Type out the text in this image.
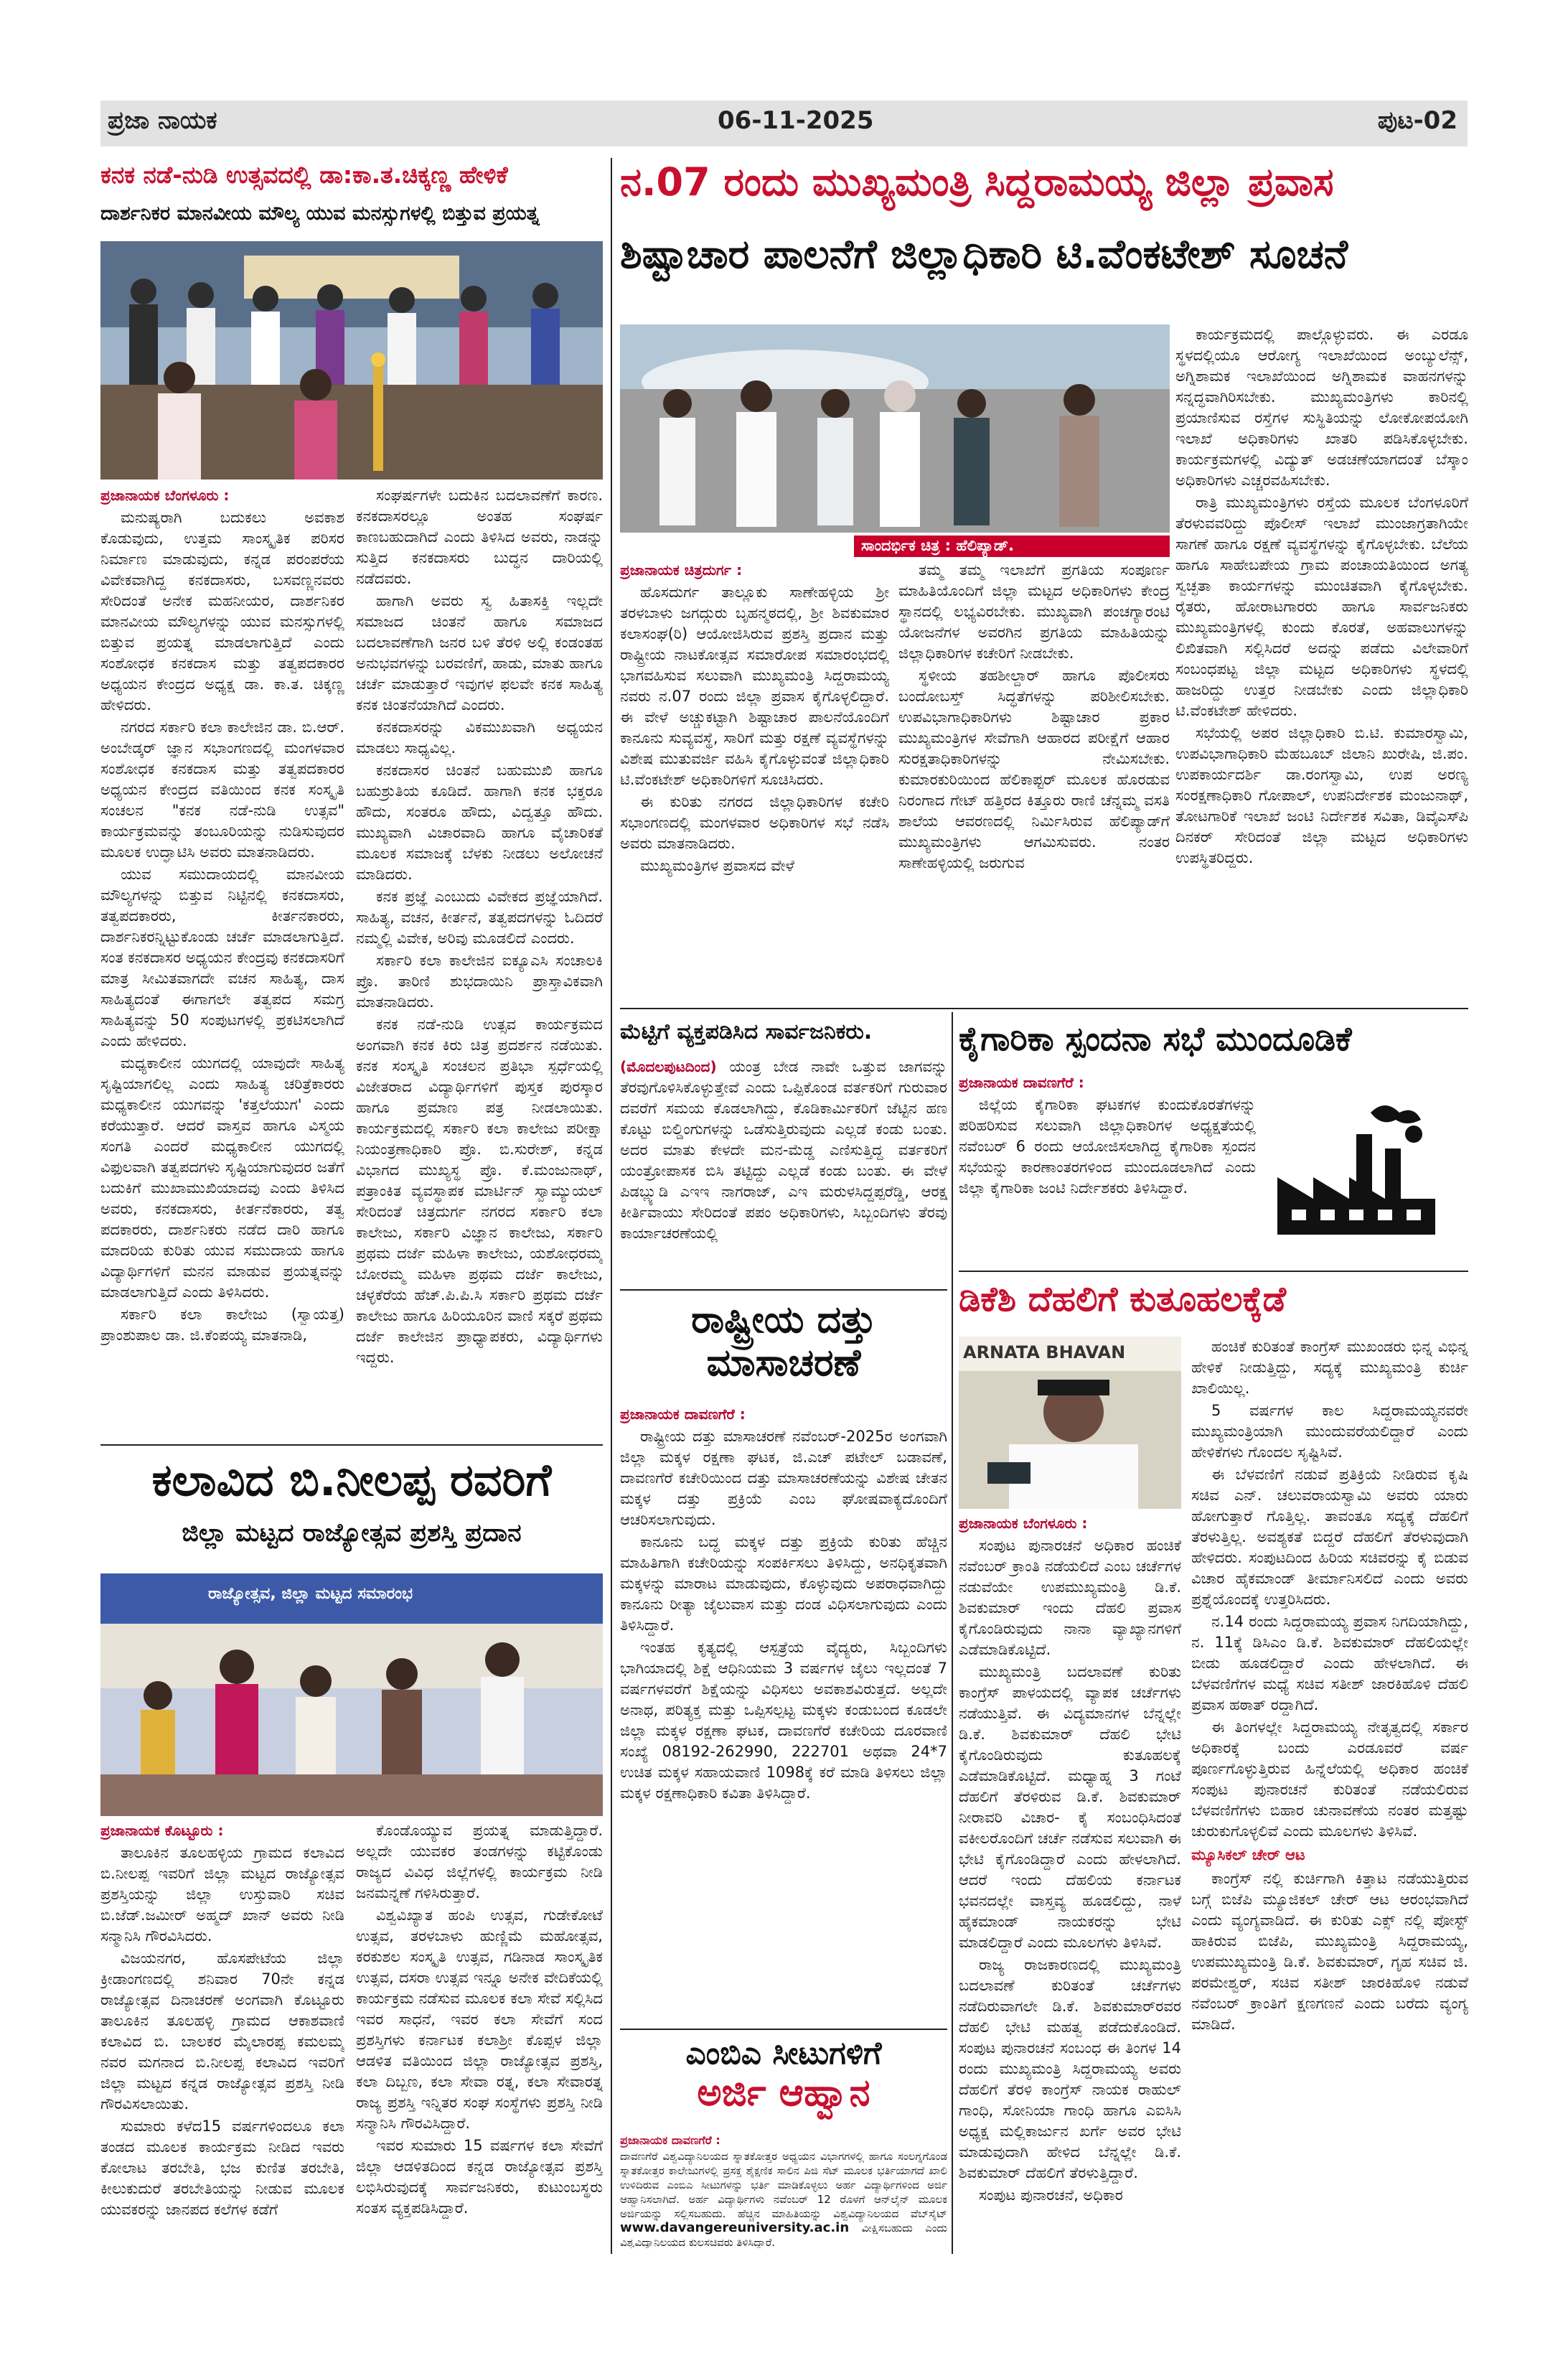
ಪ್ರಜಾ ನಾಯಕ	06-11-2025	ಪುಟ-02
ಕನಕ ನಡೆ-ನುಡಿ ಉತ್ಸವದಲ್ಲಿ ಡಾ:ಕಾ.ತ.ಚಿಕ್ಕಣ್ಣ ಹೇಳಿಕೆ
ದಾರ್ಶನಿಕರ ಮಾನವೀಯ ಮೌಲ್ಯ ಯುವ ಮನಸ್ಸುಗಳಲ್ಲಿ ಬಿತ್ತುವ ಪ್ರಯತ್ನ
ಪ್ರಜಾನಾಯಕ ಬೆಂಗಳೂರು :

ಮನುಷ್ಯರಾಗಿ ಬದುಕಲು ಅವಕಾಶ ಕೊಡುವುದು, ಉತ್ತಮ ಸಾಂಸ್ಕೃತಿಕ ಪರಿಸರ ನಿರ್ಮಾಣ ಮಾಡುವುದು, ಕನ್ನಡ ಪರಂಪರೆಯ ವಿವೇಕವಾಗಿದ್ದ ಕನಕದಾಸರು, ಬಸವಣ್ಣನವರು ಸೇರಿದಂತೆ ಅನೇಕ ಮಹನೀಯರ, ದಾರ್ಶನಿಕರ ಮಾನವೀಯ ಮೌಲ್ಯಗಳನ್ನು ಯುವ ಮನಸ್ಸುಗಳಲ್ಲಿ ಬಿತ್ತುವ ಪ್ರಯತ್ನ ಮಾಡಲಾಗುತ್ತಿದೆ ಎಂದು ಸಂಶೋಧಕ ಕನಕದಾಸ ಮತ್ತು ತತ್ವಪದಕಾರರ ಅಧ್ಯಯನ ಕೇಂದ್ರದ ಅಧ್ಯಕ್ಷ ಡಾ. ಕಾ.ತ. ಚಿಕ್ಕಣ್ಣ ಹೇಳಿದರು.

ನಗರದ ಸರ್ಕಾರಿ ಕಲಾ ಕಾಲೇಜಿನ ಡಾ. ಬಿ.ಆರ್. ಅಂಬೇಡ್ಕರ್ ಜ್ಞಾನ ಸಭಾಂಗಣದಲ್ಲಿ ಮಂಗಳವಾರ ಸಂಶೋಧಕ ಕನಕದಾಸ ಮತ್ತು ತತ್ವಪದಕಾರರ ಅಧ್ಯಯನ ಕೇಂದ್ರದ ವತಿಯಿಂದ ಕನಕ ಸಂಸ್ಕೃತಿ ಸಂಚಲನ "ಕನಕ ನಡೆ-ನುಡಿ ಉತ್ಸವ" ಕಾರ್ಯಕ್ರಮವನ್ನು ತಂಬೂರಿಯನ್ನು ನುಡಿಸುವುದರ ಮೂಲಕ ಉದ್ಘಾಟಿಸಿ ಅವರು ಮಾತನಾಡಿದರು.

ಯುವ ಸಮುದಾಯದಲ್ಲಿ ಮಾನವೀಯ ಮೌಲ್ಯಗಳನ್ನು ಬಿತ್ತುವ ನಿಟ್ಟಿನಲ್ಲಿ ಕನಕದಾಸರು, ತತ್ವಪದಕಾರರು, ಕೀರ್ತನಕಾರರು, ದಾರ್ಶನಿಕರನ್ನಿಟ್ಟುಕೊಂಡು ಚರ್ಚೆ ಮಾಡಲಾಗುತ್ತಿದೆ. ಸಂತ ಕನಕದಾಸರ ಅಧ್ಯಯನ ಕೇಂದ್ರವು ಕನಕದಾಸರಿಗೆ ಮಾತ್ರ ಸೀಮಿತವಾಗದೇ ವಚನ ಸಾಹಿತ್ಯ, ದಾಸ ಸಾಹಿತ್ಯದಂತೆ ಈಗಾಗಲೇ ತತ್ವಪದ ಸಮಗ್ರ ಸಾಹಿತ್ಯವನ್ನು 50 ಸಂಪುಟಗಳಲ್ಲಿ ಪ್ರಕಟಿಸಲಾಗಿದೆ ಎಂದು ಹೇಳಿದರು.

ಮಧ್ಯಕಾಲೀನ ಯುಗದಲ್ಲಿ ಯಾವುದೇ ಸಾಹಿತ್ಯ ಸೃಷ್ಟಿಯಾಗಲಿಲ್ಲ ಎಂದು ಸಾಹಿತ್ಯ ಚರಿತ್ರೆಕಾರರು ಮಧ್ಯಕಾಲೀನ ಯುಗವನ್ನು 'ಕತ್ತಲೆಯುಗ' ಎಂದು ಕರೆಯುತ್ತಾರೆ. ಆದರೆ ವಾಸ್ತವ ಹಾಗೂ ವಿಸ್ಮಯ ಸಂಗತಿ ಎಂದರೆ ಮಧ್ಯಕಾಲೀನ ಯುಗದಲ್ಲಿ ವಿಫುಲವಾಗಿ ತತ್ವಪದಗಳು ಸೃಷ್ಟಿಯಾಗುವುದರ ಜತೆಗೆ ಬದುಕಿಗೆ ಮುಖಾಮುಖಿಯಾದವು ಎಂದು ತಿಳಿಸಿದ ಅವರು, ಕನಕದಾಸರು, ಕೀರ್ತನೆಕಾರರು, ತತ್ವ ಪದಕಾರರು, ದಾರ್ಶನಿಕರು ನಡೆದ ದಾರಿ ಹಾಗೂ ಮಾದರಿಯ ಕುರಿತು ಯುವ ಸಮುದಾಯ ಹಾಗೂ ವಿದ್ಯಾರ್ಥಿಗಳಿಗೆ ಮನನ ಮಾಡುವ ಪ್ರಯತ್ನವನ್ನು ಮಾಡಲಾಗುತ್ತಿದೆ ಎಂದು ತಿಳಿಸಿದರು.

ಸರ್ಕಾರಿ ಕಲಾ ಕಾಲೇಜು (ಸ್ವಾಯತ್ತ) ಪ್ರಾಂಶುಪಾಲ ಡಾ. ಜಿ.ಕೆಂಪಯ್ಯ ಮಾತನಾಡಿ,

ಸಂಘರ್ಷಗಳೇ ಬದುಕಿನ ಬದಲಾವಣೆಗೆ ಕಾರಣ. ಕನಕದಾಸರಲ್ಲೂ ಅಂತಹ ಸಂಘರ್ಷ ಕಾಣಬಹುದಾಗಿದೆ ಎಂದು ತಿಳಿಸಿದ ಅವರು, ನಾಡನ್ನು ಸುತ್ತಿದ ಕನಕದಾಸರು ಬುದ್ಧನ ದಾರಿಯಲ್ಲಿ ನಡೆದವರು.

ಹಾಗಾಗಿ ಅವರು ಸ್ವ ಹಿತಾಸಕ್ತಿ ಇಲ್ಲದೇ ಸಮಾಜದ ಚಿಂತನೆ ಹಾಗೂ ಸಮಾಜದ ಬದಲಾವಣೆಗಾಗಿ ಜನರ ಬಳಿ ತೆರಳಿ ಅಲ್ಲಿ ಕಂಡಂತಹ ಅನುಭವಗಳನ್ನು ಬರವಣಿಗೆ, ಹಾಡು, ಮಾತು ಹಾಗೂ ಚರ್ಚೆ ಮಾಡುತ್ತಾರೆ ಇವುಗಳ ಫಲವೇ ಕನಕ ಸಾಹಿತ್ಯ ಕನಕ ಚಿಂತನೆಯಾಗಿದೆ ಎಂದರು.

ಕನಕದಾಸರನ್ನು ವಿಕಮುಖವಾಗಿ ಅಧ್ಯಯನ ಮಾಡಲು ಸಾಧ್ಯವಿಲ್ಲ.

ಕನಕದಾಸರ ಚಿಂತನೆ ಬಹುಮುಖಿ ಹಾಗೂ ಬಹುಶ್ರುತಿಯ ಕೂಡಿದೆ. ಹಾಗಾಗಿ ಕನಕ ಭಕ್ತರೂ ಹೌದು, ಸಂತರೂ ಹೌದು, ವಿದ್ವತ್ತೂ ಹೌದು. ಮುಖ್ಯವಾಗಿ ವಿಚಾರವಾದಿ ಹಾಗೂ ವೈಚಾರಿಕತೆ ಮೂಲಕ ಸಮಾಜಕ್ಕೆ ಬೆಳಕು ನೀಡಲು ಅಲೋಚನೆ ಮಾಡಿದರು.

ಕನಕ ಪ್ರಜ್ಞೆ ಎಂಬುದು ವಿವೇಕದ ಪ್ರಜ್ಞೆಯಾಗಿದೆ. ಸಾಹಿತ್ಯ, ವಚನ, ಕೀರ್ತನೆ, ತತ್ವಪದಗಳನ್ನು ಓದಿದರೆ ನಮ್ಮಲ್ಲಿ ವಿವೇಕ, ಅರಿವು ಮೂಡಲಿದೆ ಎಂದರು.

ಸರ್ಕಾರಿ ಕಲಾ ಕಾಲೇಜಿನ ಐಕ್ಯೂಎಸಿ ಸಂಚಾಲಕಿ ಪ್ರೊ. ತಾರಿಣಿ ಶುಭದಾಯಿನಿ ಪ್ರಾಸ್ತಾವಿಕವಾಗಿ ಮಾತನಾಡಿದರು.

ಕನಕ ನಡೆ-ನುಡಿ ಉತ್ಸವ ಕಾರ್ಯಕ್ರಮದ ಅಂಗವಾಗಿ ಕನಕ ಕಿರು ಚಿತ್ರ ಪ್ರದರ್ಶನ ನಡೆಯಿತು. ಕನಕ ಸಂಸ್ಕೃತಿ ಸಂಚಲನ ಪ್ರತಿಭಾ ಸ್ಪರ್ಧೆಯಲ್ಲಿ ವಿಜೇತರಾದ ವಿದ್ಯಾರ್ಥಿಗಳಿಗೆ ಪುಸ್ತಕ ಪುರಸ್ಕಾರ ಹಾಗೂ ಪ್ರಮಾಣ ಪತ್ರ ನೀಡಲಾಯಿತು. ಕಾರ್ಯಕ್ರಮದಲ್ಲಿ ಸರ್ಕಾರಿ ಕಲಾ ಕಾಲೇಜು ಪರೀಕ್ಷಾ ನಿಯಂತ್ರಣಾಧಿಕಾರಿ ಪ್ರೊ. ಬಿ.ಸುರೇಶ್, ಕನ್ನಡ ವಿಭಾಗದ ಮುಖ್ಯಸ್ಥ ಪ್ರೊ. ಕೆ.ಮಂಜುನಾಥ್, ಪತ್ರಾಂಕಿತ ವ್ಯವಸ್ಥಾಪಕ ಮಾರ್ಟಿನ್ ಸ್ವಾಮ್ಯುಯಲ್ ಸೇರಿದಂತೆ ಚಿತ್ರದುರ್ಗ ನಗರದ ಸರ್ಕಾರಿ ಕಲಾ ಕಾಲೇಜು, ಸರ್ಕಾರಿ ವಿಜ್ಞಾನ ಕಾಲೇಜು, ಸರ್ಕಾರಿ ಪ್ರಥಮ ದರ್ಜೆ ಮಹಿಳಾ ಕಾಲೇಜು, ಯಶೋಧರಮ್ಮ ಬೋರಮ್ಮ ಮಹಿಳಾ ಪ್ರಥಮ ದರ್ಜೆ ಕಾಲೇಜು, ಚಳ್ಳಕೆರೆಯ ಹೆಚ್.ಪಿ.ಪಿ.ಸಿ ಸರ್ಕಾರಿ ಪ್ರಥಮ ದರ್ಜೆ ಕಾಲೇಜು ಹಾಗೂ ಹಿರಿಯೂರಿನ ವಾಣಿ ಸಕ್ಕರೆ ಪ್ರಥಮ ದರ್ಜೆ ಕಾಲೇಜಿನ ಪ್ರಾಧ್ಯಾಪಕರು, ವಿದ್ಯಾರ್ಥಿಗಳು ಇದ್ದರು.

ಕಲಾವಿದ ಬಿ.ನೀಲಪ್ಪ ರವರಿಗೆ
ಜಿಲ್ಲಾ ಮಟ್ಟದ ರಾಜ್ಯೋತ್ಸವ ಪ್ರಶಸ್ತಿ ಪ್ರದಾನ
ರಾಜ್ಯೋತ್ಸವ, ಜಿಲ್ಲಾ ಮಟ್ಟದ ಸಮಾರಂಭ
ಪ್ರಜಾನಾಯಕ ಕೊಟ್ಟೂರು :

ತಾಲೂಕಿನ ತೂಲಹಳ್ಳಿಯ ಗ್ರಾಮದ ಕಲಾವಿದ ಬಿ.ನೀಲಪ್ಪ ಇವರಿಗೆ ಜಿಲ್ಲಾ ಮಟ್ಟದ ರಾಜ್ಯೋತ್ಸವ ಪ್ರಶಸ್ತಿಯನ್ನು ಜಿಲ್ಲಾ ಉಸ್ತುವಾರಿ ಸಚಿವ ಬಿ.ಜೆಡ್.ಜಮೀರ್ ಅಹ್ಮದ್ ಖಾನ್ ಅವರು ನೀಡಿ ಸನ್ಮಾನಿಸಿ ಗೌರವಿಸಿದರು.

ವಿಜಯನಗರ, ಹೊಸಪೇಟೆಯ ಜಿಲ್ಲಾ ಕ್ರೀಡಾಂಗಣದಲ್ಲಿ ಶನಿವಾರ 70ನೇ ಕನ್ನಡ ರಾಜ್ಯೋತ್ಸವ ದಿನಾಚರಣೆ ಅಂಗವಾಗಿ ಕೊಟ್ಟೂರು ತಾಲೂಕಿನ ತೂಲಹಳ್ಳಿ ಗ್ರಾಮದ ಆಕಾಶವಾಣಿ ಕಲಾವಿದ ಬಿ. ಬಾಲಕರ ಮೈಲಾರಪ್ಪ ಕಮಲಮ್ಮ ನವರ ಮಗನಾದ ಬಿ.ನೀಲಪ್ಪ ಕಲಾವಿದ ಇವರಿಗೆ ಜಿಲ್ಲಾ ಮಟ್ಟದ ಕನ್ನಡ ರಾಜ್ಯೋತ್ಸವ ಪ್ರಶಸ್ತಿ ನೀಡಿ ಗೌರವಿಸಲಾಯಿತು.

ಸುಮಾರು ಕಳೆದ15 ವರ್ಷಗಳಿಂದಲೂ ಕಲಾ ತಂಡದ ಮೂಲಕ ಕಾರ್ಯಕ್ರಮ ನೀಡಿದ ಇವರು ಕೋಲಾಟ ತರಬೇತಿ, ಭಜ ಕುಣಿತ ತರಬೇತಿ, ಕೀಲುಕುದುರೆ ತರಬೇತಿಯನ್ನು ನೀಡುವ ಮೂಲಕ ಯುವಕರನ್ನು ಜಾನಪದ ಕಲೆಗಳ ಕಡೆಗೆ

ಕೊಂಡೊಯ್ಯುವ ಪ್ರಯತ್ನ ಮಾಡುತ್ತಿದ್ದಾರೆ. ಅಲ್ಲದೇ ಯುವಕರ ತಂಡಗಳನ್ನು ಕಟ್ಟಿಕೊಂಡು ರಾಜ್ಯದ ವಿವಿಧ ಜಿಲ್ಲೆಗಳಲ್ಲಿ ಕಾರ್ಯಕ್ರಮ ನೀಡಿ ಜನಮನ್ನಣೆ ಗಳಿಸಿರುತ್ತಾರೆ.

ವಿಶ್ವವಿಖ್ಯಾತ ಹಂಪಿ ಉತ್ಸವ, ಗುಡೇಕೋಟೆ ಉತ್ಸವ, ತರಳಬಾಳು ಹುಣ್ಣಿಮೆ ಮಹೋತ್ಸವ, ಕರಕುಶಲ ಸಂಸ್ಕೃತಿ ಉತ್ಸವ, ಗಡಿನಾಡ ಸಾಂಸ್ಕೃತಿಕ ಉತ್ಸವ, ದಸರಾ ಉತ್ಸವ ಇನ್ನೂ ಅನೇಕ ವೇದಿಕೆಯಲ್ಲಿ ಕಾರ್ಯಕ್ರಮ ನಡೆಸುವ ಮೂಲಕ ಕಲಾ ಸೇವೆ ಸಲ್ಲಿಸಿದ ಇವರ ಸಾಧನೆ, ಇವರ ಕಲಾ ಸೇವೆಗೆ ಸಂದ ಪ್ರಶಸ್ತಿಗಳು ಕರ್ನಾಟಕ ಕಲಾಶ್ರೀ ಕೊಪ್ಪಳ ಜಿಲ್ಲಾ ಆಡಳಿತ ವತಿಯಿಂದ ಜಿಲ್ಲಾ ರಾಜ್ಯೋತ್ಸವ ಪ್ರಶಸ್ತಿ, ಕಲಾ ದಿಬ್ಬಣ, ಕಲಾ ಸೇವಾ ರತ್ನ, ಕಲಾ ಸೇವಾರತ್ನ ರಾಜ್ಯ ಪ್ರಶಸ್ತಿ ಇನ್ನಿತರ ಸಂಘ ಸಂಸ್ಥೆಗಳು ಪ್ರಶಸ್ತಿ ನೀಡಿ ಸನ್ಮಾನಿಸಿ ಗೌರವಿಸಿದ್ದಾರೆ.

ಇವರ ಸುಮಾರು 15 ವರ್ಷಗಳ ಕಲಾ ಸೇವೆಗೆ ಜಿಲ್ಲಾ ಆಡಳಿತದಿಂದ ಕನ್ನಡ ರಾಜ್ಯೋತ್ಸವ ಪ್ರಶಸ್ತಿ ಲಭಿಸಿರುವುದಕ್ಕೆ ಸಾರ್ವಜನಿಕರು, ಕುಟುಂಬಸ್ಥರು ಸಂತಸ ವ್ಯಕ್ತಪಡಿಸಿದ್ದಾರೆ.

ನ.07 ರಂದು ಮುಖ್ಯಮಂತ್ರಿ ಸಿದ್ದರಾಮಯ್ಯ ಜಿಲ್ಲಾ ಪ್ರವಾಸ
ಶಿಷ್ಟಾಚಾರ ಪಾಲನೆಗೆ ಜಿಲ್ಲಾಧಿಕಾರಿ ಟಿ.ವೆಂಕಟೇಶ್ ಸೂಚನೆ
ಸಾಂದರ್ಭಿಕ ಚಿತ್ರ : ಹೆಲಿಪ್ಯಾಡ್.

ಕಾರ್ಯಕ್ರಮದಲ್ಲಿ ಪಾಲ್ಗೊಳ್ಳುವರು. ಈ ಎರಡೂ ಸ್ಥಳದಲ್ಲಿಯೂ ಆರೋಗ್ಯ ಇಲಾಖೆಯಿಂದ ಅಂಬ್ಯುಲೆನ್ಸ್, ಅಗ್ನಿಶಾಮಕ ಇಲಾಖೆಯಿಂದ ಅಗ್ನಿಶಾಮಕ ವಾಹನಗಳನ್ನು ಸನ್ನದ್ಧವಾಗಿರಿಸಬೇಕು. ಮುಖ್ಯಮಂತ್ರಿಗಳು ಕಾರಿನಲ್ಲಿ ಪ್ರಯಾಣಿಸುವ ರಸ್ತೆಗಳ ಸುಸ್ಥಿತಿಯನ್ನು ಲೋಕೋಪಯೋಗಿ ಇಲಾಖೆ ಅಧಿಕಾರಿಗಳು ಖಾತರಿ ಪಡಿಸಿಕೊಳ್ಳಬೇಕು. ಕಾರ್ಯಕ್ರಮಗಳಲ್ಲಿ ವಿದ್ಯುತ್ ಅಡಚಣೆಯಾಗದಂತೆ ಬೆಸ್ಕಾಂ ಅಧಿಕಾರಿಗಳು ಎಚ್ಚರವಹಿಸಬೇಕು.

ರಾತ್ರಿ ಮುಖ್ಯಮಂತ್ರಿಗಳು ರಸ್ತೆಯ ಮೂಲಕ ಬೆಂಗಳೂರಿಗೆ ತೆರಳುವವರಿದ್ದು ಪೊಲೀಸ್ ಇಲಾಖೆ ಮುಂಜಾಗ್ರತಾಗಿಯೇ ಸಾಗಣೆ ಹಾಗೂ ರಕ್ಷಣೆ ವ್ಯವಸ್ಥೆಗಳನ್ನು ಕೈಗೊಳ್ಳಬೇಕು. ಬೆಲೆಯ ಹಾಗೂ ಸಾಹೇಬಪೇಯ ಗ್ರಾಮ ಪಂಚಾಯತಿಯಿಂದ ಅಗತ್ಯ ಸ್ವಚ್ಛತಾ ಕಾರ್ಯಗಳನ್ನು ಮುಂಚಿತವಾಗಿ ಕೈಗೊಳ್ಳಬೇಕು. ರೈತರು, ಹೋರಾಟಗಾರರು ಹಾಗೂ ಸಾರ್ವಜನಿಕರು ಮುಖ್ಯಮಂತ್ರಿಗಳಲ್ಲಿ ಕುಂದು ಕೊರತೆ, ಅಹವಾಲುಗಳನ್ನು ಲಿಖಿತವಾಗಿ ಸಲ್ಲಿಸಿದರೆ ಅದನ್ನು ಪಡೆದು ವಿಲೇವಾರಿಗೆ ಸಂಬಂಧಪಟ್ಟ ಜಿಲ್ಲಾ ಮಟ್ಟದ ಅಧಿಕಾರಿಗಳು ಸ್ಥಳದಲ್ಲಿ ಹಾಜರಿದ್ದು ಉತ್ತರ ನೀಡಬೇಕು ಎಂದು ಜಿಲ್ಲಾಧಿಕಾರಿ ಟಿ.ವೆಂಕಟೇಶ್ ಹೇಳಿದರು.

ಸಭೆಯಲ್ಲಿ ಅಪರ ಜಿಲ್ಲಾಧಿಕಾರಿ ಬಿ.ಟಿ. ಕುಮಾರಸ್ವಾಮಿ, ಉಪವಿಭಾಗಾಧಿಕಾರಿ ಮೆಹಬೂಬ್ ಜಿಲಾನಿ ಖುರೇಷಿ, ಜಿ.ಪಂ. ಉಪಕಾರ್ಯದರ್ಶಿ ಡಾ.ರಂಗಸ್ವಾಮಿ, ಉಪ ಅರಣ್ಯ ಸಂರಕ್ಷಣಾಧಿಕಾರಿ ಗೋಪಾಲ್, ಉಪನಿರ್ದೇಶಕ ಮಂಜುನಾಥ್, ತೋಟಗಾರಿಕೆ ಇಲಾಖೆ ಜಂಟಿ ನಿರ್ದೇಶಕ ಸವಿತಾ, ಡಿವೈಎಸ್‍ಪಿ ದಿನಕರ್ ಸೇರಿದಂತೆ ಜಿಲ್ಲಾ ಮಟ್ಟದ ಅಧಿಕಾರಿಗಳು ಉಪಸ್ಥಿತರಿದ್ದರು.

ಪ್ರಜಾನಾಯಕ ಚಿತ್ರದುರ್ಗ :

ಹೊಸದುರ್ಗ ತಾಲ್ಲೂಕು ಸಾಣೇಹಳ್ಳಿಯ ಶ್ರೀ ತರಳಬಾಳು ಜಗದ್ಗುರು ಬೃಹನ್ಮಠದಲ್ಲಿ, ಶ್ರೀ ಶಿವಕುಮಾರ ಕಲಾಸಂಘ(ರಿ) ಆಯೋಜಿಸಿರುವ ಪ್ರಶಸ್ತಿ ಪ್ರದಾನ ಮತ್ತು ರಾಷ್ಟ್ರೀಯ ನಾಟಕೋತ್ಸವ ಸಮಾರೋಪ ಸಮಾರಂಭದಲ್ಲಿ ಭಾಗವಹಿಸುವ ಸಲುವಾಗಿ ಮುಖ್ಯಮಂತ್ರಿ ಸಿದ್ದರಾಮಯ್ಯ ನವರು ನ.07 ರಂದು ಜಿಲ್ಲಾ ಪ್ರವಾಸ ಕೈಗೊಳ್ಳಲಿದ್ದಾರೆ. ಈ ವೇಳೆ ಅಚ್ಚುಕಟ್ಟಾಗಿ ಶಿಷ್ಟಾಚಾರ ಪಾಲನೆಯೊಂದಿಗೆ ಕಾನೂನು ಸುವ್ಯವಸ್ಥೆ, ಸಾರಿಗೆ ಮತ್ತು ರಕ್ಷಣೆ ವ್ಯವಸ್ಥೆಗಳನ್ನು ವಿಶೇಷ ಮುತುವರ್ಜಿ ವಹಿಸಿ ಕೈಗೊಳ್ಳುವಂತೆ ಜಿಲ್ಲಾಧಿಕಾರಿ ಟಿ.ವೆಂಕಟೇಶ್ ಅಧಿಕಾರಿಗಳಿಗೆ ಸೂಚಿಸಿದರು.

ಈ ಕುರಿತು ನಗರದ ಜಿಲ್ಲಾಧಿಕಾರಿಗಳ ಕಚೇರಿ ಸಭಾಂಗಣದಲ್ಲಿ ಮಂಗಳವಾರ ಅಧಿಕಾರಿಗಳ ಸಭೆ ನಡೆಸಿ ಅವರು ಮಾತನಾಡಿದರು.

ಮುಖ್ಯಮಂತ್ರಿಗಳ ಪ್ರವಾಸದ ವೇಳೆ

ತಮ್ಮ ತಮ್ಮ ಇಲಾಖೆಗೆ ಪ್ರಗತಿಯ ಸಂಪೂರ್ಣ ಮಾಹಿತಿಯೊಂದಿಗೆ ಜಿಲ್ಲಾ ಮಟ್ಟದ ಅಧಿಕಾರಿಗಳು ಕೇಂದ್ರ ಸ್ಥಾನದಲ್ಲಿ ಲಭ್ಯವಿರಬೇಕು. ಮುಖ್ಯವಾಗಿ ಪಂಚಗ್ಯಾರಂಟಿ ಯೋಜನೆಗಳ ಅವರಗಿನ ಪ್ರಗತಿಯ ಮಾಹಿತಿಯನ್ನು ಜಿಲ್ಲಾಧಿಕಾರಿಗಳ ಕಚೇರಿಗೆ ನೀಡಬೇಕು.

ಸ್ಥಳೀಯ ತಹಶೀಲ್ದಾರ್ ಹಾಗೂ ಪೊಲೀಸರು ಬಂದೋಬಸ್ತ್ ಸಿದ್ಧತೆಗಳನ್ನು ಪರಿಶೀಲಿಸಬೇಕು. ಉಪವಿಭಾಗಾಧಿಕಾರಿಗಳು ಶಿಷ್ಟಾಚಾರ ಪ್ರಕಾರ ಮುಖ್ಯಮಂತ್ರಿಗಳ ಸೇವೆಗಾಗಿ ಆಹಾರದ ಪರೀಕ್ಷೆಗೆ ಆಹಾರ ಸುರಕ್ಷತಾಧಿಕಾರಿಗಳನ್ನು ನೇಮಿಸಬೇಕು. ಕುಮಾರಕುರಿಯಿಂದ ಹೆಲಿಕಾಪ್ಟರ್ ಮೂಲಕ ಹೊರಡುವ ನಿರಂಗಾದ ಗೇಟ್ ಹತ್ತಿರದ ಕಿತ್ತೂರು ರಾಣಿ ಚೆನ್ನಮ್ಮ ವಸತಿ ಶಾಲೆಯ ಆವರಣದಲ್ಲಿ ನಿರ್ಮಿಸಿರುವ ಹೆಲಿಪ್ಯಾಡ್‍ಗೆ ಮುಖ್ಯಮಂತ್ರಿಗಳು ಆಗಮಿಸುವರು. ನಂತರ ಸಾಣೇಹಳ್ಳಿಯಲ್ಲಿ ಜರುಗುವ

ಮೆಟ್ಟಿಗೆ ವ್ಯಕ್ತಪಡಿಸಿದ ಸಾರ್ವಜನಿಕರು.
(ಮೊದಲಪುಟದಿಂದ) ಯಂತ್ರ ಬೇಡ ನಾವೇ ಒತ್ತುವ ಜಾಗವನ್ನು ತೆರವುಗೊಳಿಸಿಕೊಳ್ಳುತ್ತೇವೆ ಎಂದು ಒಪ್ಪಿಕೊಂಡ ವರ್ತಕರಿಗೆ ಗುರುವಾರ ದವರೆಗೆ ಸಮಯ ಕೊಡಲಾಗಿದ್ದು, ಕೊಡಿಕಾರ್ಮಿಕರಿಗೆ ಜೆಟ್ಟಿನ ಹಣ ಕೊಟ್ಟು ಬಿಲ್ಡಿಂಗುಗಳನ್ನು ಒಡೆಸುತ್ತಿರುವುದು ಎಲ್ಲಡೆ ಕಂಡು ಬಂತು. ಅದರ ಮಾತು ಕೇಳದೇ ಮನ-ಮೆಡ್ಡ ಎಣಿಸುತ್ತಿದ್ದ ವರ್ತಕರಿಗೆ ಯಂತ್ರೋಪಾಸಕ ಬಿಸಿ ತಟ್ಟಿದ್ದು ಎಲ್ಲಡೆ ಕಂಡು ಬಂತು. ಈ ವೇಳೆ ಪಿಡಬ್ಲ್ಯುಡಿ ಎಇಇ ನಾಗರಾಜ್, ಎಇ ಮರುಳಸಿದ್ದಪ್ಪರೆಡ್ಡಿ, ಆರಕ್ಷ ಕೀರ್ತಿವಾಯು ಸೇರಿದಂತೆ ಪಪಂ ಅಧಿಕಾರಿಗಳು, ಸಿಬ್ಬಂದಿಗಳು ತೆರವು ಕಾರ್ಯಾಚರಣೆಯಲ್ಲಿ
ಕೈಗಾರಿಕಾ ಸ್ಪಂದನಾ ಸಭೆ ಮುಂದೂಡಿಕೆ
ಪ್ರಜಾನಾಯಕ ದಾವಣಗೆರೆ :

ಜಿಲ್ಲೆಯ ಕೈಗಾರಿಕಾ ಘಟಕಗಳ ಕುಂದುಕೊರತೆಗಳನ್ನು ಪರಿಹರಿಸುವ ಸಲುವಾಗಿ ಜಿಲ್ಲಾಧಿಕಾರಿಗಳ ಅಧ್ಯಕ್ಷತೆಯಲ್ಲಿ ನವೆಂಬರ್ 6 ರಂದು ಆಯೋಜಿಸಲಾಗಿದ್ದ ಕೈಗಾರಿಕಾ ಸ್ಪಂದನ ಸಭೆಯನ್ನು ಕಾರಣಾಂತರಗಳಿಂದ ಮುಂದೂಡಲಾಗಿದೆ ಎಂದು ಜಿಲ್ಲಾ ಕೈಗಾರಿಕಾ ಜಂಟಿ ನಿರ್ದೇಶಕರು ತಿಳಿಸಿದ್ದಾರೆ.

ರಾಷ್ಟ್ರೀಯ ದತ್ತು
ಮಾಸಾಚರಣೆ
ಪ್ರಜಾನಾಯಕ ದಾವಣಗೆರೆ :

ರಾಷ್ಟ್ರೀಯ ದತ್ತು ಮಾಸಾಚರಣೆ ನವೆಂಬರ್-2025ರ ಅಂಗವಾಗಿ ಜಿಲ್ಲಾ ಮಕ್ಕಳ ರಕ್ಷಣಾ ಘಟಕ, ಜಿ.ಎಚ್ ಪಟೇಲ್ ಬಡಾವಣೆ, ದಾವಣಗೆರೆ ಕಚೇರಿಯಿಂದ ದತ್ತು ಮಾಸಾಚರಣೆಯನ್ನು ವಿಶೇಷ ಚೇತನ ಮಕ್ಕಳ ದತ್ತು ಪ್ರಕ್ರಿಯೆ ಎಂಬ ಘೋಷವಾಕ್ಯದೊಂದಿಗೆ ಆಚರಿಸಲಾಗುವುದು.

ಕಾನೂನು ಬದ್ಧ ಮಕ್ಕಳ ದತ್ತು ಪ್ರಕ್ರಿಯೆ ಕುರಿತು ಹೆಚ್ಚಿನ ಮಾಹಿತಿಗಾಗಿ ಕಚೇರಿಯನ್ನು ಸಂಪರ್ಕಿಸಲು ತಿಳಿಸಿದ್ದು, ಅನಧಿಕೃತವಾಗಿ ಮಕ್ಕಳನ್ನು ಮಾರಾಟ ಮಾಡುವುದು, ಕೊಳ್ಳುವುದು ಅಪರಾಧವಾಗಿದ್ದು ಕಾನೂನು ರೀತ್ಯಾ ಜೈಲುವಾಸ ಮತ್ತು ದಂಡ ವಿಧಿಸಲಾಗುವುದು ಎಂದು ತಿಳಿಸಿದ್ದಾರೆ.

ಇಂತಹ ಕೃತ್ಯದಲ್ಲಿ ಆಸ್ಪತ್ರೆಯ ವೈದ್ಯರು, ಸಿಬ್ಬಂದಿಗಳು ಭಾಗಿಯಾದಲ್ಲಿ ಶಿಕ್ಷೆ ಆಧಿನಿಯಮ 3 ವರ್ಷಗಳ ಜೈಲು ಇಲ್ಲದಂತೆ 7 ವರ್ಷಗಳವರೆಗೆ ಶಿಕ್ಷೆಯನ್ನು ವಿಧಿಸಲು ಅವಕಾಶವಿರುತ್ತದೆ. ಅಲ್ಲದೇ ಅನಾಥ, ಪರಿತ್ಯಕ್ತ ಮತ್ತು ಒಪ್ಪಿಸಲ್ಪಟ್ಟ ಮಕ್ಕಳು ಕಂಡುಬಂದ ಕೂಡಲೇ ಜಿಲ್ಲಾ ಮಕ್ಕಳ ರಕ್ಷಣಾ ಘಟಕ, ದಾವಣಗೆರೆ ಕಚೇರಿಯ ದೂರವಾಣಿ ಸಂಖ್ಯೆ 08192-262990, 222701 ಅಥವಾ 24*7 ಉಚಿತ ಮಕ್ಕಳ ಸಹಾಯವಾಣಿ 1098ಕ್ಕೆ ಕರೆ ಮಾಡಿ ತಿಳಿಸಲು ಜಿಲ್ಲಾ ಮಕ್ಕಳ ರಕ್ಷಣಾಧಿಕಾರಿ ಕವಿತಾ ತಿಳಿಸಿದ್ದಾರೆ.

ಎಂಬಿಎ ಸೀಟುಗಳಿಗೆ
ಅರ್ಜಿ ಆಹ್ವಾನ
ಪ್ರಜಾನಾಯಕ ದಾವಣಗೆರೆ :
ದಾವಣಗೆರೆ ವಿಶ್ವವಿದ್ಯಾನಿಲಯದ ಸ್ನಾತಕೋತ್ತರ ಅಧ್ಯಯನ ವಿಭಾಗಗಳಲ್ಲಿ ಹಾಗೂ ಸಂಲಗ್ನಗೊಂಡ ಸ್ನಾತಕೋತ್ತರ ಕಾಲೇಜುಗಳಲ್ಲಿ ಪ್ರಸಕ್ತ ಶೈಕ್ಷಣಿಕ ಸಾಲಿನ ಪಿಜಿ ಸೆಟ್ ಮೂಲಕ ಭರ್ತಿಯಾಗದೆ ಖಾಲಿ ಉಳಿದಿರುವ ಎಂಬಿಎ ಸೀಟುಗಳನ್ನು ಭರ್ತಿ ಮಾಡಿಕೊಳ್ಳಲು ಅರ್ಹ ವಿದ್ಯಾರ್ಥಿಗಳಿಂದ ಅರ್ಜಿ ಆಹ್ವಾನಿಸಲಾಗಿದೆ. ಅರ್ಹ ವಿದ್ಯಾರ್ಥಿಗಳು ನವೆಂಬರ್ 12 ರೊಳಗೆ ಆನ್‌ಲೈನ್ ಮೂಲಕ ಅರ್ಜಿಯನ್ನು ಸಲ್ಲಿಸಬಹುದು. ಹೆಚ್ಚಿನ ಮಾಹಿತಿಯನ್ನು ವಿಶ್ವವಿದ್ಯಾನಿಲಯದ ವೆಬ್‌ಸೈಟ್ www.davangereuniversity.ac.in ವೀಕ್ಷಿಸಬಹುದು ಎಂದು ವಿಶ್ವವಿದ್ಯಾನಿಲಯದ ಕುಲಸಚಿವರು ತಿಳಿಸಿದ್ದಾರೆ.
ಡಿಕೆಶಿ ದೆಹಲಿಗೆ ಕುತೂಹಲಕ್ಕೆಡೆ
ARNATA BHAVAN
ಪ್ರಜಾನಾಯಕ ಬೆಂಗಳೂರು :

ಸಂಪುಟ ಪುನಾರಚನೆ ಅಧಿಕಾರ ಹಂಚಿಕೆ ನವೆಂಬರ್ ಕ್ರಾಂತಿ ನಡೆಯಲಿದೆ ಎಂಬ ಚರ್ಚೆಗಳ ನಡುವೆಯೇ ಉಪಮುಖ್ಯಮಂತ್ರಿ ಡಿ.ಕೆ. ಶಿವಕುಮಾರ್ ಇಂದು ದೆಹಲಿ ಪ್ರವಾಸ ಕೈಗೊಂಡಿರುವುದು ನಾನಾ ವ್ಯಾಖ್ಯಾನಗಳಿಗೆ ಎಡೆಮಾಡಿಕೊಟ್ಟಿದೆ.

ಮುಖ್ಯಮಂತ್ರಿ ಬದಲಾವಣೆ ಕುರಿತು ಕಾಂಗ್ರೆಸ್ ಪಾಳಯದಲ್ಲಿ ವ್ಯಾಪಕ ಚರ್ಚೆಗಳು ನಡೆಯುತ್ತಿವೆ. ಈ ವಿದ್ಯಮಾನಗಳ ಬೆನ್ನಲ್ಲೇ ಡಿ.ಕೆ. ಶಿವಕುಮಾರ್ ದೆಹಲಿ ಭೇಟಿ ಕೈಗೊಂಡಿರುವುದು ಕುತೂಹಲಕ್ಕೆ ಎಡೆಮಾಡಿಕೊಟ್ಟಿದೆ. ಮಧ್ಯಾಹ್ನ 3 ಗಂಟೆ ದೆಹಲಿಗೆ ತೆರಳಿರುವ ಡಿ.ಕೆ. ಶಿವಕುಮಾರ್ ನೀರಾವರಿ ವಿಚಾರ- ಕೈ ಸಂಬಂಧಿಸಿದಂತೆ ವಕೀಲರೊಂದಿಗೆ ಚರ್ಚೆ ನಡೆಸುವ ಸಲುವಾಗಿ ಈ ಭೇಟಿ ಕೈಗೊಂಡಿದ್ದಾರೆ ಎಂದು ಹೇಳಲಾಗಿದೆ. ಆದರೆ ಇಂದು ದೆಹಲಿಯ ಕರ್ನಾಟಕ ಭವನದಲ್ಲೇ ವಾಸ್ತವ್ಯ ಹೂಡಲಿದ್ದು, ನಾಳೆ ಹೈಕಮಾಂಡ್ ನಾಯಕರನ್ನು ಭೇಟಿ ಮಾಡಲಿದ್ದಾರೆ ಎಂದು ಮೂಲಗಳು ತಿಳಿಸಿವೆ.

ರಾಜ್ಯ ರಾಜಕಾರಣದಲ್ಲಿ ಮುಖ್ಯಮಂತ್ರಿ ಬದಲಾವಣೆ ಕುರಿತಂತೆ ಚರ್ಚೆಗಳು ನಡೆದಿರುವಾಗಲೇ ಡಿ.ಕೆ. ಶಿವಕುಮಾರ್‌ರವರ ದೆಹಲಿ ಭೇಟಿ ಮಹತ್ವ ಪಡೆದುಕೊಂಡಿದೆ. ಸಂಪುಟ ಪುನಾರಚನೆ ಸಂಬಂಧ ಈ ತಿಂಗಳ 14 ರಂದು ಮುಖ್ಯಮಂತ್ರಿ ಸಿದ್ದರಾಮಯ್ಯ ಅವರು ದೆಹಲಿಗೆ ತೆರಳಿ ಕಾಂಗ್ರೆಸ್ ನಾಯಕ ರಾಹುಲ್ ಗಾಂಧಿ, ಸೋನಿಯಾ ಗಾಂಧಿ ಹಾಗೂ ಎಐಸಿಸಿ ಅಧ್ಯಕ್ಷ ಮಲ್ಲಿಕಾರ್ಜುನ ಖರ್ಗೆ ಅವರ ಭೇಟಿ ಮಾಡುವುದಾಗಿ ಹೇಳಿದ ಬೆನ್ನಲ್ಲೇ ಡಿ.ಕೆ. ಶಿವಕುಮಾರ್ ದೆಹಲಿಗೆ ತೆರಳುತ್ತಿದ್ದಾರೆ.

ಸಂಪುಟ ಪುನಾರಚನೆ, ಅಧಿಕಾರ

ಹಂಚಿಕೆ ಕುರಿತಂತೆ ಕಾಂಗ್ರೆಸ್ ಮುಖಂಡರು ಭಿನ್ನ ವಿಭಿನ್ನ ಹೇಳಿಕೆ ನೀಡುತ್ತಿದ್ದು, ಸದ್ಯಕ್ಕೆ ಮುಖ್ಯಮಂತ್ರಿ ಕುರ್ಚಿ ಖಾಲಿಯಿಲ್ಲ.

5 ವರ್ಷಗಳ ಕಾಲ ಸಿದ್ದರಾಮಯ್ಯನವರೇ ಮುಖ್ಯಮಂತ್ರಿಯಾಗಿ ಮುಂದುವರೆಯಲಿದ್ದಾರೆ ಎಂದು ಹೇಳಿಕೆಗಳು ಗೊಂದಲ ಸೃಷ್ಟಿಸಿವೆ.

ಈ ಬೆಳವಣಿಗೆ ನಡುವೆ ಪ್ರತಿಕ್ರಿಯೆ ನೀಡಿರುವ ಕೃಷಿ ಸಚಿವ ಎನ್. ಚಲುವರಾಯಸ್ವಾಮಿ ಅವರು ಯಾರು ಹೋಗುತ್ತಾರೆ ಗೊತ್ತಿಲ್ಲ. ತಾವಂತೂ ಸದ್ಯಕ್ಕೆ ದೆಹಲಿಗೆ ತೆರಳುತ್ತಿಲ್ಲ. ಅವಶ್ಯಕತೆ ಬಿದ್ದರೆ ದೆಹಲಿಗೆ ತೆರಳುವುದಾಗಿ ಹೇಳಿದರು. ಸಂಪುಟದಿಂದ ಹಿರಿಯ ಸಚಿವರನ್ನು ಕೈ ಬಿಡುವ ವಿಚಾರ ಹೈಕಮಾಂಡ್ ತೀರ್ಮಾನಿಸಲಿದೆ ಎಂದು ಅವರು ಪ್ರಶ್ನೆಯೊಂದಕ್ಕೆ ಉತ್ತರಿಸಿದರು.

ನ.14 ರಂದು ಸಿದ್ದರಾಮಯ್ಯ ಪ್ರವಾಸ ನಿಗದಿಯಾಗಿದ್ದು, ನ. 11ಕ್ಕೆ ಡಿಸಿಎಂ ಡಿ.ಕೆ. ಶಿವಕುಮಾರ್ ದೆಹಲಿಯಲ್ಲೇ ಬೀಡು ಹೂಡಲಿದ್ದಾರೆ ಎಂದು ಹೇಳಲಾಗಿದೆ. ಈ ಬೆಳವಣಿಗೆಗಳ ಮಧ್ಯೆ ಸಚಿವ ಸತೀಶ್ ಜಾರಕಿಹೊಳಿ ದೆಹಲಿ ಪ್ರವಾಸ ಹಠಾತ್ ರದ್ದಾಗಿದೆ.

ಈ ತಿಂಗಳಲ್ಲೇ ಸಿದ್ದರಾಮಯ್ಯ ನೇತೃತ್ವದಲ್ಲಿ ಸರ್ಕಾರ ಅಧಿಕಾರಕ್ಕೆ ಬಂದು ಎರಡೂವರೆ ವರ್ಷ ಪೂರ್ಣಗೊಳ್ಳುತ್ತಿರುವ ಹಿನ್ನೆಲೆಯಲ್ಲಿ ಅಧಿಕಾರ ಹಂಚಿಕೆ ಸಂಪುಟ ಪುನಾರಚನೆ ಕುರಿತಂತೆ ನಡೆಯಲಿರುವ ಬೆಳವಣಿಗೆಗಳು ಬಿಹಾರ ಚುನಾವಣೆಯ ನಂತರ ಮತ್ತಷ್ಟು ಚುರುಕುಗೊಳ್ಳಲಿವೆ ಎಂದು ಮೂಲಗಳು ತಿಳಿಸಿವೆ.

ಮ್ಯೂಸಿಕಲ್ ಚೇರ್ ಆಟ

ಕಾಂಗ್ರೆಸ್ ನಲ್ಲಿ ಕುರ್ಚಿಗಾಗಿ ಕಿತ್ತಾಟ ನಡೆಯುತ್ತಿರುವ ಬಗ್ಗೆ ಬಿಜೆಪಿ ಮ್ಯೂಜಿಕಲ್ ಚೇರ್ ಆಟ ಆರಂಭವಾಗಿದೆ ಎಂದು ವ್ಯಂಗ್ಯವಾಡಿದೆ. ಈ ಕುರಿತು ಎಕ್ಸ್ ನಲ್ಲಿ ಪೋಸ್ಟ್ ಹಾಕಿರುವ ಬಿಜೆಪಿ, ಮುಖ್ಯಮಂತ್ರಿ ಸಿದ್ದರಾಮಯ್ಯ, ಉಪಮುಖ್ಯಮಂತ್ರಿ ಡಿ.ಕೆ. ಶಿವಕುಮಾರ್, ಗೃಹ ಸಚಿವ ಜಿ. ಪರಮೇಶ್ವರ್, ಸಚಿವ ಸತೀಶ್ ಜಾರಕಿಹೊಳಿ ನಡುವೆ ನವೆಂಬರ್ ಕ್ರಾಂತಿಗೆ ಕ್ಷಣಗಣನೆ ಎಂದು ಬರೆದು ವ್ಯಂಗ್ಯ ಮಾಡಿದೆ.
